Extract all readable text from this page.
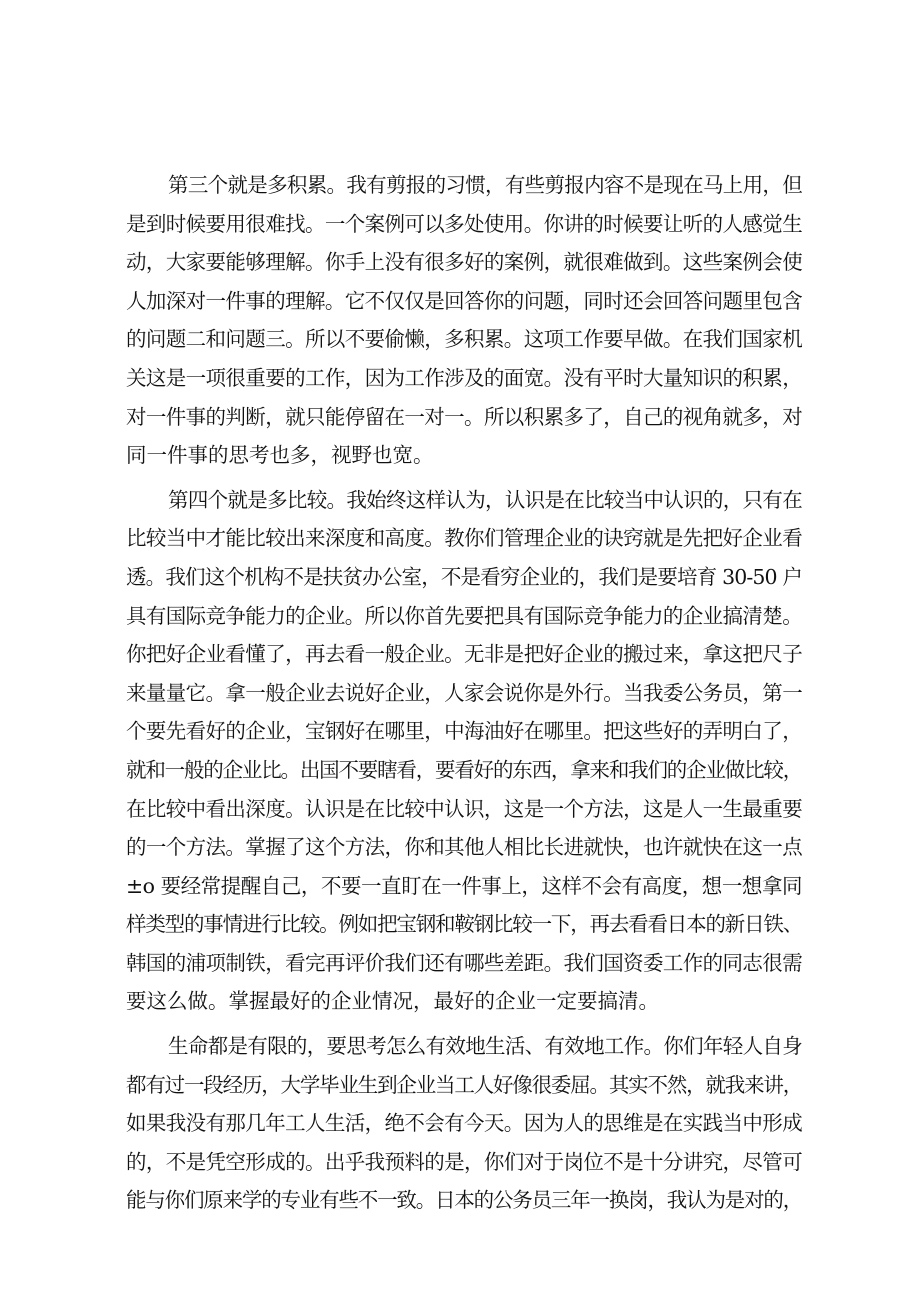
第三个就是多积累。我有剪报的习惯，有些剪报内容不是现在马上用，但
是到时候要用很难找。一个案例可以多处使用。你讲的时候要让听的人感觉生
动，大家要能够理解。你手上没有很多好的案例，就很难做到。这些案例会使
人加深对一件事的理解。它不仅仅是回答你的问题，同时还会回答问题里包含
的问题二和问题三。所以不要偷懒，多积累。这项工作要早做。在我们国家机
关这是一项很重要的工作，因为工作涉及的面宽。没有平时大量知识的积累，
对一件事的判断，就只能停留在一对一。所以积累多了，自己的视角就多，对
同一件事的思考也多，视野也宽。
第四个就是多比较。我始终这样认为，认识是在比较当中认识的，只有在
比较当中才能比较出来深度和高度。教你们管理企业的诀窍就是先把好企业看
透。我们这个机构不是扶贫办公室，不是看穷企业的，我们是要培育 30-50 户
具有国际竞争能力的企业。所以你首先要把具有国际竞争能力的企业搞清楚。
你把好企业看懂了，再去看一般企业。无非是把好企业的搬过来，拿这把尺子
来量量它。拿一般企业去说好企业，人家会说你是外行。当我委公务员，第一
个要先看好的企业，宝钢好在哪里，中海油好在哪里。把这些好的弄明白了，
就和一般的企业比。出国不要瞎看，要看好的东西，拿来和我们的企业做比较，
在比较中看出深度。认识是在比较中认识，这是一个方法，这是人一生最重要
的一个方法。掌握了这个方法，你和其他人相比长进就快，也许就快在这一点
±o 要经常提醒自己，不要一直盯在一件事上，这样不会有高度，想一想拿同
样类型的事情进行比较。例如把宝钢和鞍钢比较一下，再去看看日本的新日铁、
韩国的浦项制铁，看完再评价我们还有哪些差距。我们国资委工作的同志很需
要这么做。掌握最好的企业情况，最好的企业一定要搞清。
生命都是有限的，要思考怎么有效地生活、有效地工作。你们年轻人自身
都有过一段经历，大学毕业生到企业当工人好像很委屈。其实不然，就我来讲，
如果我没有那几年工人生活，绝不会有今天。因为人的思维是在实践当中形成
的，不是凭空形成的。出乎我预料的是，你们对于岗位不是十分讲究，尽管可
能与你们原来学的专业有些不一致。日本的公务员三年一换岗，我认为是对的，
